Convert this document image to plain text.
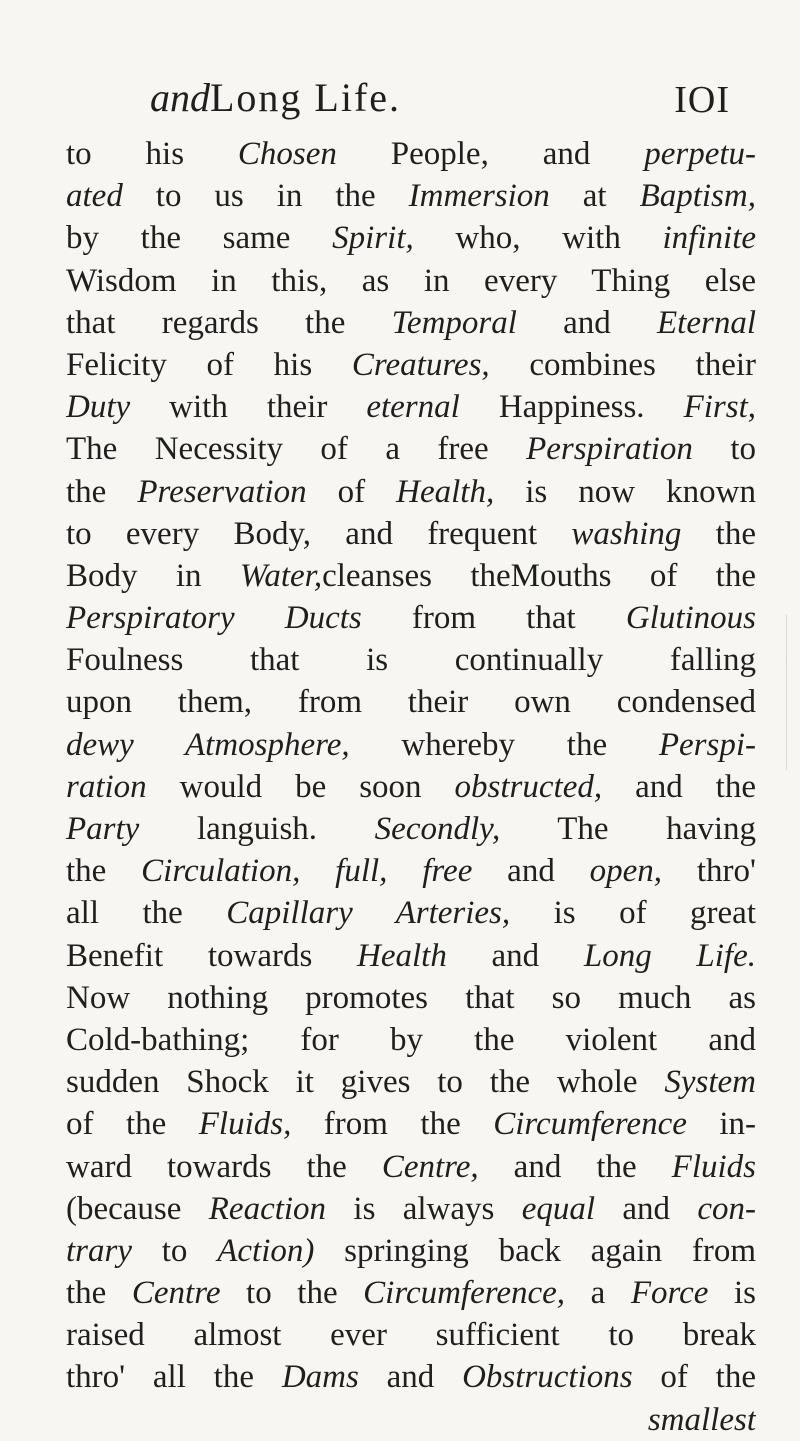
andLong Life.	IOI
to his Chosen People, and perpetu-
ated to us in the Immersion at Baptism,
by the same Spirit, who, with infinite
Wisdom in this, as in every Thing else
that regards the Temporal and Eternal
Felicity of his Creatures, combines their
Duty with their eternal Happiness. First,
The Necessity of a free Perspiration to
the Preservation of Health, is now known
to every Body, and frequent washing the
Body in Water,cleanses theMouths of the
Perspiratory Ducts from that Glutinous
Foulness that is continually falling
upon them, from their own condensed
dewy Atmosphere, whereby the Perspi-
ration would be soon obstructed, and the
Party languish. Secondly, The having
the Circulation, full, free and open, thro'
all the Capillary Arteries, is of great
Benefit towards Health and Long Life.
Now nothing promotes that so much as
Cold-bathing; for by the violent and
sudden Shock it gives to the whole System
of the Fluids, from the Circumference in-
ward towards the Centre, and the Fluids
(because Reaction is always equal and con-
trary to Action) springing back again from
the Centre to the Circumference, a Force is
raised almost ever sufficient to break
thro' all the Dams and Obstructions of the
smallest
